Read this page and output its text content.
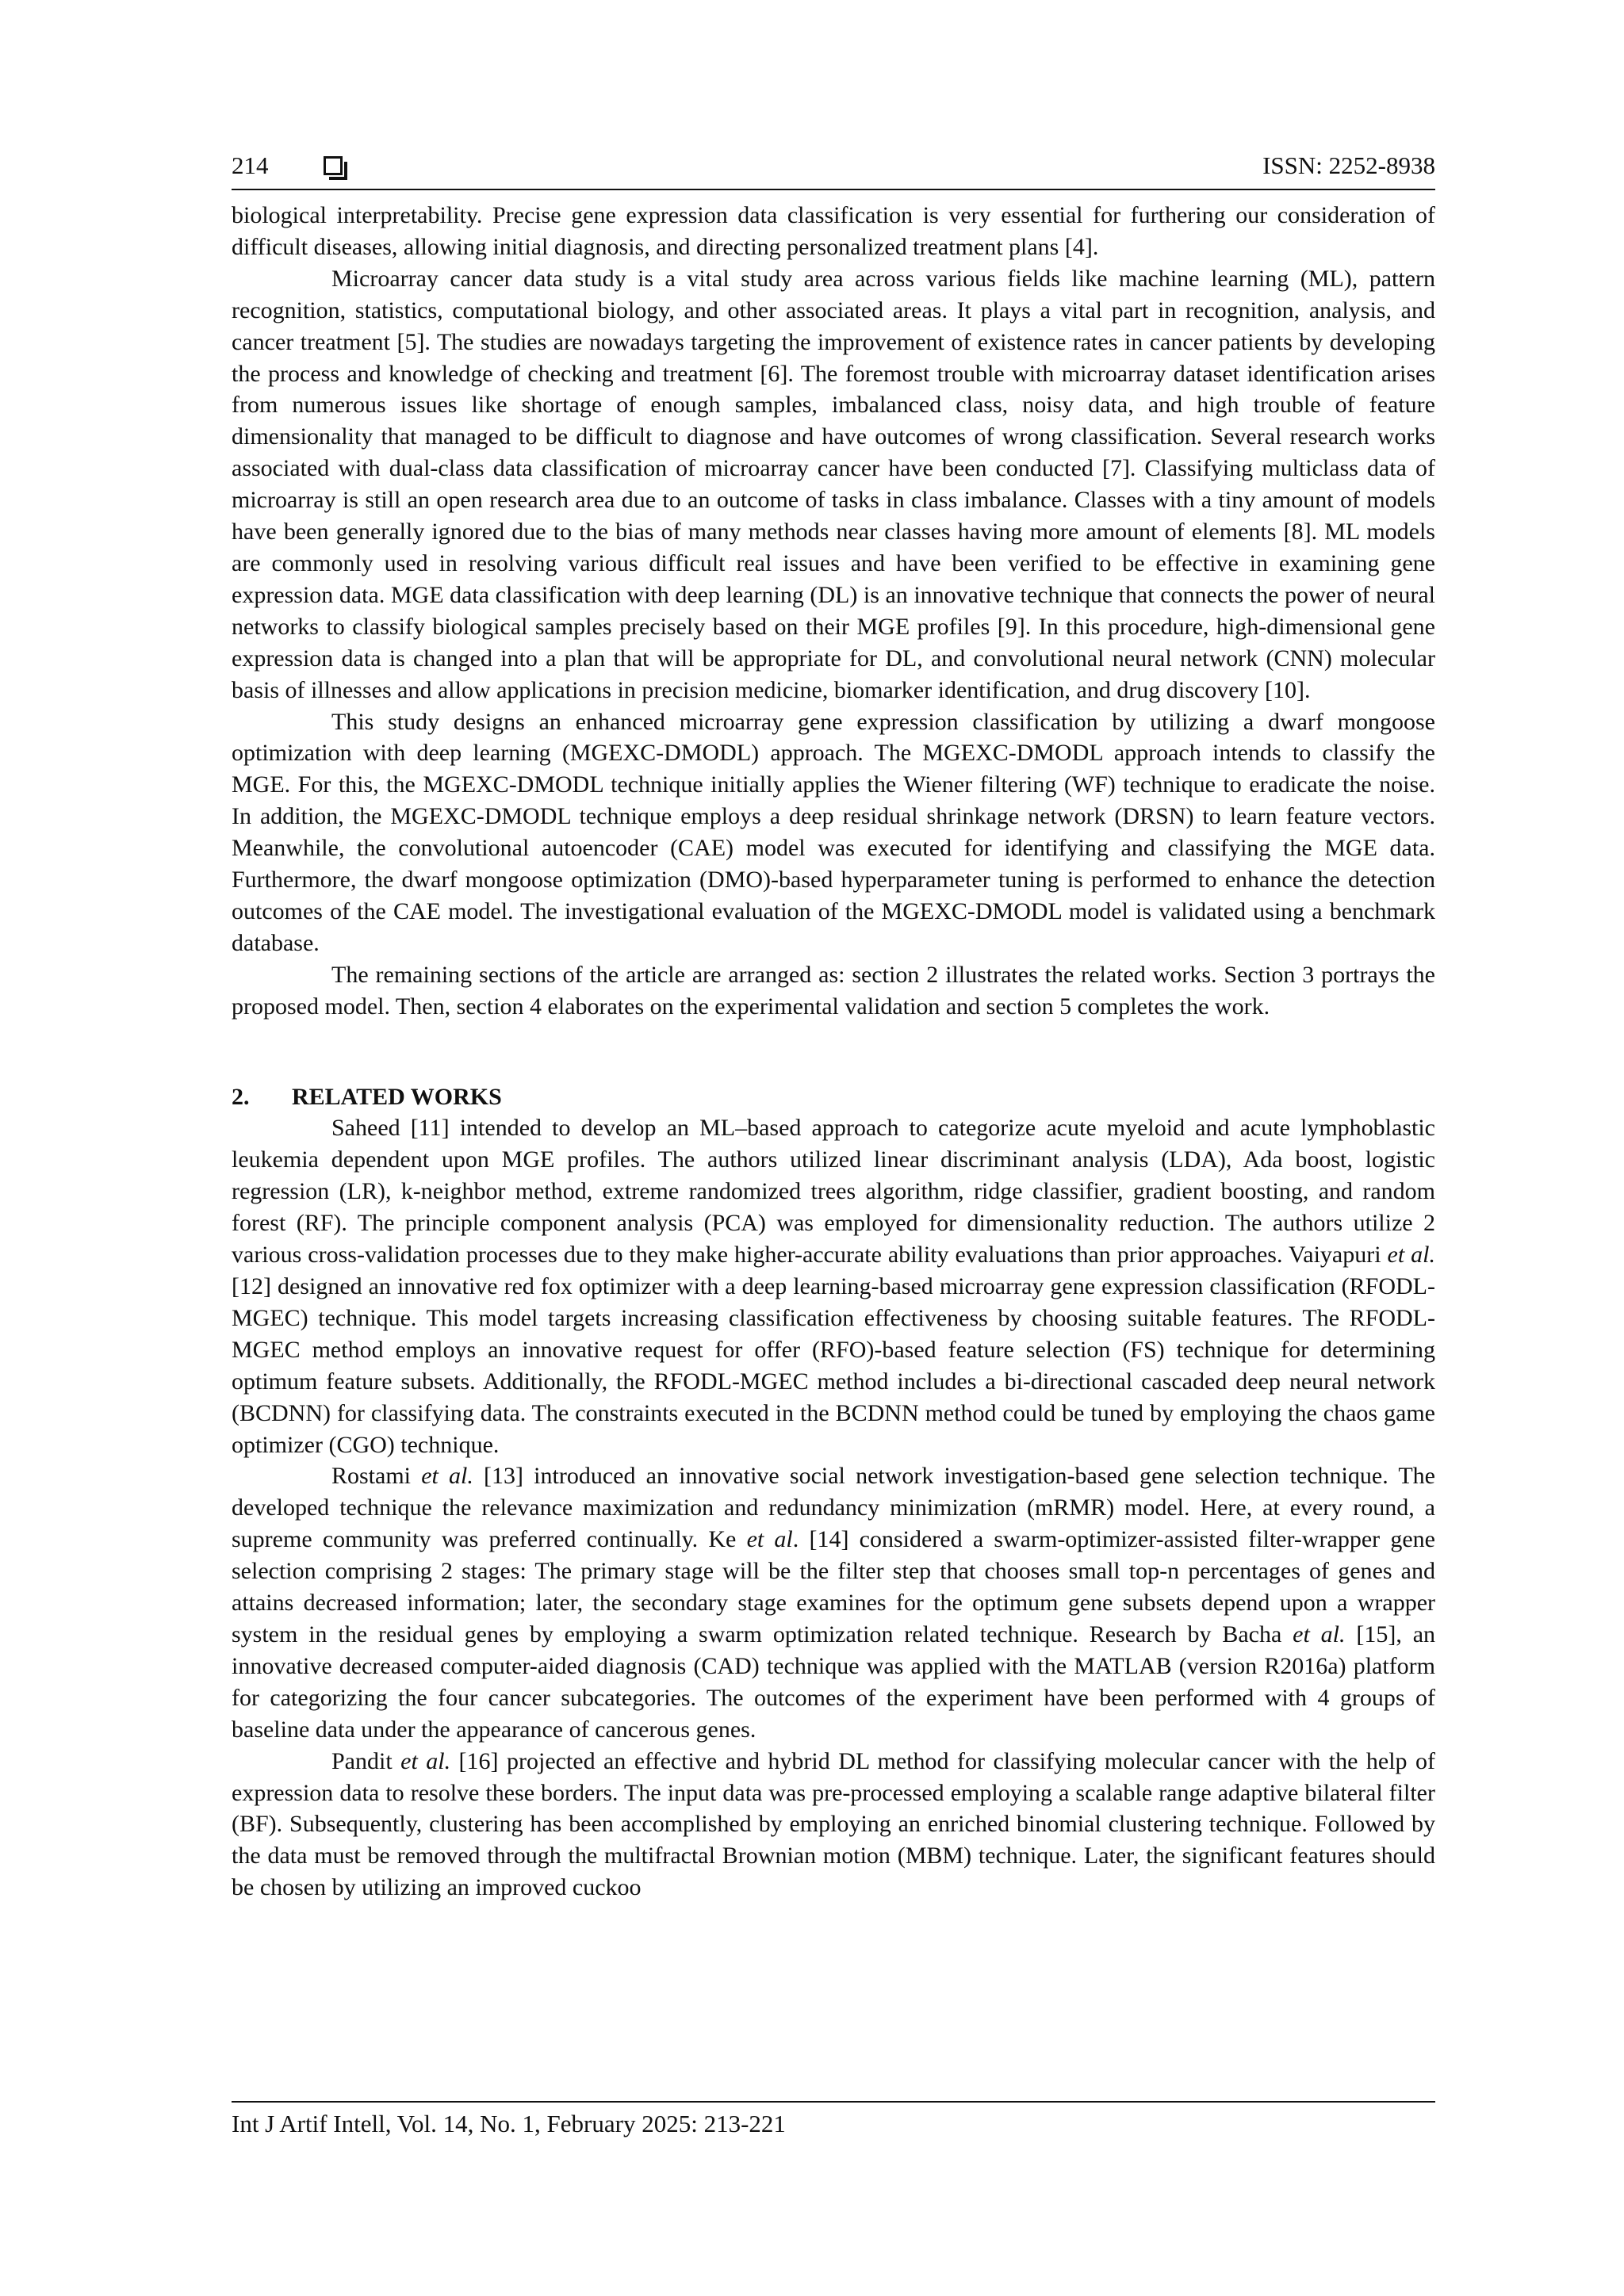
214	ISSN: 2252-8938

biological interpretability. Precise gene expression data classification is very essential for furthering our consideration of difficult diseases, allowing initial diagnosis, and directing personalized treatment plans [4].

Microarray cancer data study is a vital study area across various fields like machine learning (ML), pattern recognition, statistics, computational biology, and other associated areas. It plays a vital part in recognition, analysis, and cancer treatment [5]. The studies are nowadays targeting the improvement of existence rates in cancer patients by developing the process and knowledge of checking and treatment [6]. The foremost trouble with microarray dataset identification arises from numerous issues like shortage of enough samples, imbalanced class, noisy data, and high trouble of feature dimensionality that managed to be difficult to diagnose and have outcomes of wrong classification. Several research works associated with dual-class data classification of microarray cancer have been conducted [7]. Classifying multiclass data of microarray is still an open research area due to an outcome of tasks in class imbalance. Classes with a tiny amount of models have been generally ignored due to the bias of many methods near classes having more amount of elements [8]. ML models are commonly used in resolving various difficult real issues and have been verified to be effective in examining gene expression data. MGE data classification with deep learning (DL) is an innovative technique that connects the power of neural networks to classify biological samples precisely based on their MGE profiles [9]. In this procedure, high-dimensional gene expression data is changed into a plan that will be appropriate for DL, and convolutional neural network (CNN) molecular basis of illnesses and allow applications in precision medicine, biomarker identification, and drug discovery [10].

This study designs an enhanced microarray gene expression classification by utilizing a dwarf mongoose optimization with deep learning (MGEXC-DMODL) approach. The MGEXC-DMODL approach intends to classify the MGE. For this, the MGEXC-DMODL technique initially applies the Wiener filtering (WF) technique to eradicate the noise. In addition, the MGEXC-DMODL technique employs a deep residual shrinkage network (DRSN) to learn feature vectors. Meanwhile, the convolutional autoencoder (CAE) model was executed for identifying and classifying the MGE data. Furthermore, the dwarf mongoose optimization (DMO)-based hyperparameter tuning is performed to enhance the detection outcomes of the CAE model. The investigational evaluation of the MGEXC-DMODL model is validated using a benchmark database.

The remaining sections of the article are arranged as: section 2 illustrates the related works. Section 3 portrays the proposed model. Then, section 4 elaborates on the experimental validation and section 5 completes the work.

2. RELATED WORKS

Saheed [11] intended to develop an ML–based approach to categorize acute myeloid and acute lymphoblastic leukemia dependent upon MGE profiles. The authors utilized linear discriminant analysis (LDA), Ada boost, logistic regression (LR), k-neighbor method, extreme randomized trees algorithm, ridge classifier, gradient boosting, and random forest (RF). The principle component analysis (PCA) was employed for dimensionality reduction. The authors utilize 2 various cross-validation processes due to they make higher-accurate ability evaluations than prior approaches. Vaiyapuri et al. [12] designed an innovative red fox optimizer with a deep learning-based microarray gene expression classification (RFODL-MGEC) technique. This model targets increasing classification effectiveness by choosing suitable features. The RFODL-MGEC method employs an innovative request for offer (RFO)-based feature selection (FS) technique for determining optimum feature subsets. Additionally, the RFODL-MGEC method includes a bi-directional cascaded deep neural network (BCDNN) for classifying data. The constraints executed in the BCDNN method could be tuned by employing the chaos game optimizer (CGO) technique.

Rostami et al. [13] introduced an innovative social network investigation-based gene selection technique. The developed technique the relevance maximization and redundancy minimization (mRMR) model. Here, at every round, a supreme community was preferred continually. Ke et al. [14] considered a swarm-optimizer-assisted filter-wrapper gene selection comprising 2 stages: The primary stage will be the filter step that chooses small top-n percentages of genes and attains decreased information; later, the secondary stage examines for the optimum gene subsets depend upon a wrapper system in the residual genes by employing a swarm optimization related technique. Research by Bacha et al. [15], an innovative decreased computer-aided diagnosis (CAD) technique was applied with the MATLAB (version R2016a) platform for categorizing the four cancer subcategories. The outcomes of the experiment have been performed with 4 groups of baseline data under the appearance of cancerous genes.

Pandit et al. [16] projected an effective and hybrid DL method for classifying molecular cancer with the help of expression data to resolve these borders. The input data was pre-processed employing a scalable range adaptive bilateral filter (BF). Subsequently, clustering has been accomplished by employing an enriched binomial clustering technique. Followed by the data must be removed through the multifractal Brownian motion (MBM) technique. Later, the significant features should be chosen by utilizing an improved cuckoo

Int J Artif Intell, Vol. 14, No. 1, February 2025: 213-221
